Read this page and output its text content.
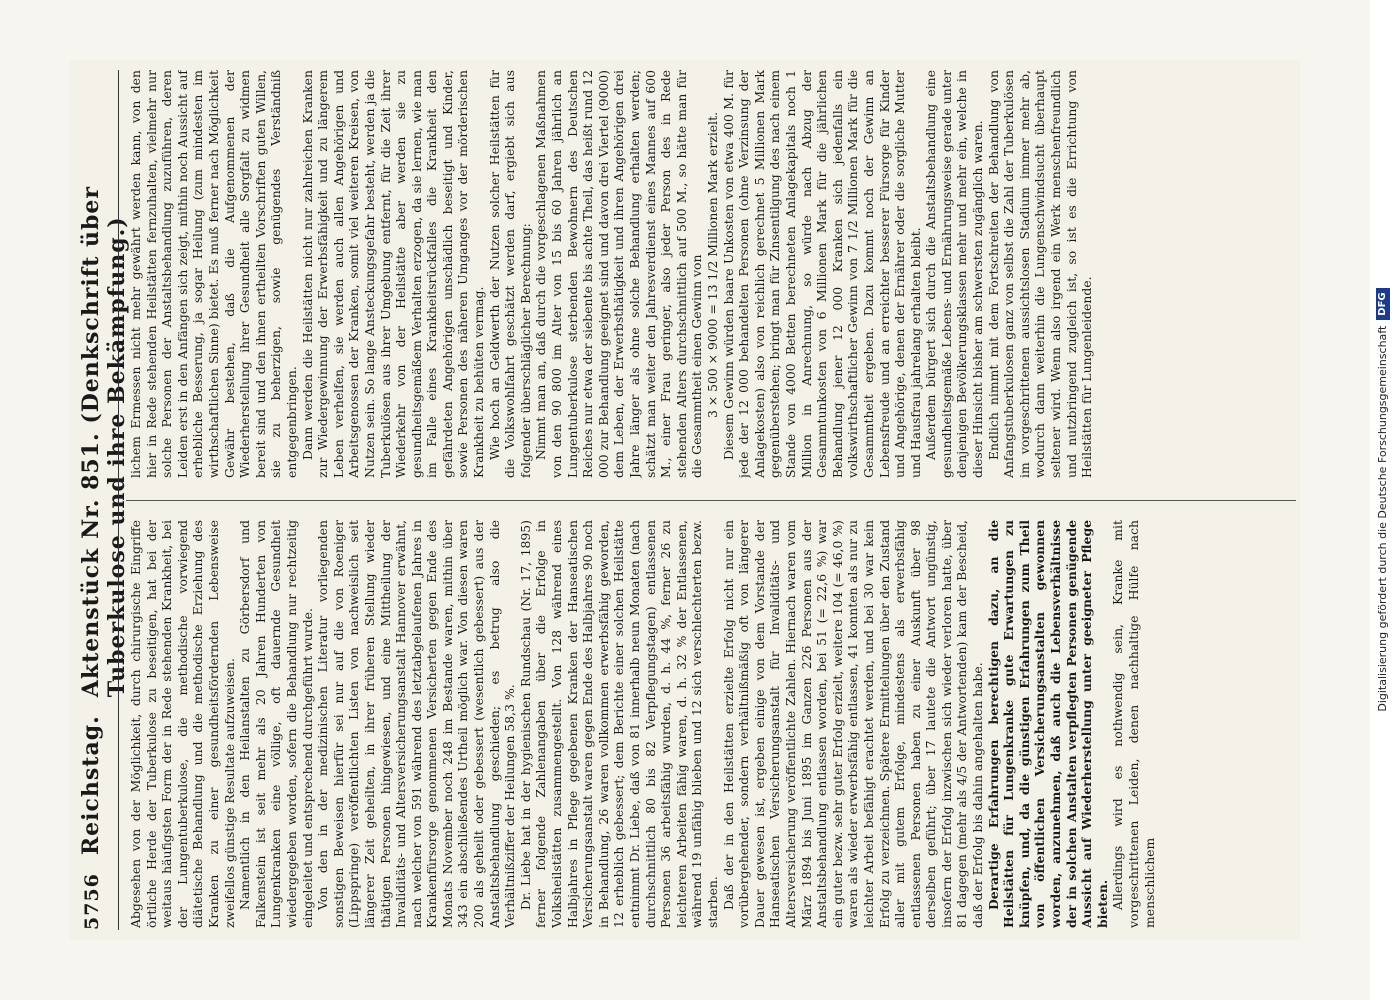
5756
Reichstag.
Aktenstück Nr. 851. (Denkschrift über Tuberkulose und ihre Bekämpfung.)

Abgesehen von der Möglichkeit, durch chirurgische Eingriffe örtliche Herde der Tuberkulose zu beseitigen, hat bei der weitaus häufigsten Form der in Rede stehenden Krankheit, bei der Lungentuberkulose, die methodische vorwiegend diätetische Behandlung und die methodische Erziehung des Kranken zu einer gesundheitsfördernden Lebensweise zweifellos günstige Resultate aufzuweisen. Namentlich in den Heilanstalten zu Görbersdorf und Falkenstein ist seit mehr als 20 Jahren Hunderten von Lungenkranken eine völlige, oft dauernde Gesundheit wiedergegeben worden, sofern die Behandlung nur rechtzeitig eingeleitet und entsprechend durchgeführt wurde. Von den in der medizinischen Literatur vorliegenden sonstigen Beweisen hierfür sei nur auf die von Roeniger (Lippspringe) veröffentlichten Listen von nachweislich seit längerer Zeit geheilten, in ihrer früheren Stellung wieder thätigen Personen hingewiesen, und eine Mittheilung der Invaliditäts- und Altersversicherungsanstalt Hannover erwähnt, nach welcher von 591 während des letztabgelaufenen Jahres in Krankenfürsorge genommenen Versicherten gegen Ende des Monats November noch 248 im Bestande waren, mithin über 343 ein abschließendes Urtheil möglich war. Von diesen waren 200 als geheilt oder gebessert (wesentlich gebessert) aus der Anstaltsbehandlung geschieden; es betrug also die Verhältnißziffer der Heilungen 58,3 %. Dr. Liebe hat in der hygienischen Rundschau (Nr. 17, 1895) ferner folgende Zahlenangaben über die Erfolge in Volksheilstätten zusammengestellt. Von 128 während eines Halbjahres in Pflege gegebenen Kranken der Hanseatischen Versicherungsanstalt waren gegen Ende des Halbjahres 90 noch in Behandlung, 26 waren vollkommen erwerbsfähig geworden, 12 erheblich gebessert; dem Berichte einer solchen Heilstätte entnimmt Dr. Liebe, daß von 81 innerhalb neun Monaten (nach durchschnittlich 80 bis 82 Verpflegungstagen) entlassenen Personen 36 arbeitsfähig wurden, d. h. 44 %, ferner 26 zu leichteren Arbeiten fähig waren, d. h. 32 % der Entlassenen, während 19 unfähig blieben und 12 sich verschlechterten bezw. starben. Daß der in den Heilstätten erzielte Erfolg nicht nur ein vorübergehender, sondern verhältnißmäßig oft von längerer Dauer gewesen ist, ergeben einige von dem Vorstande der Hanseatischen Versicherungsanstalt für Invaliditäts- und Altersversicherung veröffentlichte Zahlen. Hiernach waren vom März 1894 bis Juni 1895 im Ganzen 226 Personen aus der Anstaltsbehandlung entlassen worden, bei 51 (= 22,6 %) war ein guter bezw. sehr guter Erfolg erzielt, weitere 104 (= 46,0 %) waren als wieder erwerbsfähig entlassen, 41 konnten als nur zu leichter Arbeit befähigt erachtet werden, und bei 30 war kein Erfolg zu verzeichnen. Spätere Ermittelungen über den Zustand aller mit gutem Erfolge, mindestens als erwerbsfähig entlassenen Personen haben zu einer Auskunft über 98 derselben geführt; über 17 lautete die Antwort ungünstig, insofern der Erfolg inzwischen sich wieder verloren hatte, über 81 dagegen (mehr als 4/5 der Antwortenden) kam der Bescheid, daß der Erfolg bis dahin angehalten habe. Derartige Erfahrungen berechtigen dazu, an die Heilstätten für Lungenkranke gute Erwartungen zu knüpfen, und, da die günstigen Erfahrungen zum Theil von öffentlichen Versicherungsanstalten gewonnen worden, anzunehmen, daß auch die Lebensverhältnisse der in solchen Anstalten verpflegten Personen genügende Aussicht auf Wiederherstellung unter geeigneter Pflege bieten. Allerdings wird es nothwendig sein, Kranke mit vorgeschrittenen Leiden, denen nachhaltige Hülfe nach menschlichem

lichem Ermessen nicht mehr gewährt werden kann, von den hier in Rede stehenden Heilstätten fernzuhalten, vielmehr nur solche Personen der Anstaltsbehandlung zuzuführen, deren Leiden erst in den Anfängen sich zeigt, mithin noch Aussicht auf erhebliche Besserung, ja sogar Heilung (zum mindesten im wirthschaftlichen Sinne) bietet. Es muß ferner nach Möglichkeit Gewähr bestehen, daß die Aufgenommenen der Wiederherstellung ihrer Gesundheit alle Sorgfalt zu widmen bereit sind und den ihnen ertheilten Vorschriften guten Willen, sie zu beherzigen, sowie genügendes Verständniß entgegenbringen. Dann werden die Heilstätten nicht nur zahlreichen Kranken zur Wiedergewinnung der Erwerbsfähigkeit und zu längerem Leben verhelfen, sie werden auch allen Angehörigen und Arbeitsgenossen der Kranken, somit viel weiteren Kreisen, von Nutzen sein. So lange Ansteckungsgefahr besteht, werden ja die Tuberkulösen aus ihrer Umgebung entfernt, für die Zeit ihrer Wiederkehr von der Heilstätte aber werden sie zu gesundheitsgemäßem Verhalten erzogen, da sie lernen, wie man im Falle eines Krankheitsrückfalles die Krankheit den gefährdeten Angehörigen unschädlich beseitigt und Kinder, sowie Personen des näheren Umganges vor der mörderischen Krankheit zu behüten vermag. Wie hoch an Geldwerth der Nutzen solcher Heilstätten für die Volkswohlfahrt geschätzt werden darf, ergiebt sich aus folgender überschläglicher Berechnung: Nimmt man an, daß durch die vorgeschlagenen Maßnahmen von den 90 800 im Alter von 15 bis 60 Jahren jährlich an Lungentuberkulose sterbenden Bewohnern des Deutschen Reiches nur etwa der siebente bis achte Theil, das heißt rund 12 000 zur Behandlung geeignet sind und davon drei Viertel (9000) dem Leben, der Erwerbsthätigkeit und ihren Angehörigen drei Jahre länger als ohne solche Behandlung erhalten werden; schätzt man weiter den Jahresverdienst eines Mannes auf 600 M., einer Frau geringer, also jeder Person des in Rede stehenden Alters durchschnittlich auf 500 M., so hätte man für die Gesammtheit einen Gewinn von 3 × 500 × 9000 = 13 1/2 Millionen Mark erzielt. Diesem Gewinn würden baare Unkosten von etwa 400 M. für jede der 12 000 behandelten Personen (ohne Verzinsung der Anlagekosten) also von reichlich gerechnet 5 Millionen Mark gegenüberstehen; bringt man für Zinsentilgung des nach einem Stande von 4000 Betten berechneten Anlagekapitals noch 1 Million in Anrechnung, so würde nach Abzug der Gesammtunkosten von 6 Millionen Mark für die jährlichen Behandlung jener 12 000 Kranken sich jedenfalls ein volkswirthschaftlicher Gewinn von 7 1/2 Millionen Mark für die Gesammtheit ergeben. Dazu kommt noch der Gewinn an Lebensfreude und an erreichter besserer Fürsorge für Kinder und Angehörige, denen der Ernährer oder die sorgliche Mutter und Hausfrau jahrelang erhalten bleibt. Außerdem bürgert sich durch die Anstaltsbehandlung eine gesundheitsgemäße Lebens- und Ernährungsweise gerade unter denjenigen Bevölkerungsklassen mehr und mehr ein, welche in dieser Hinsicht bisher am schwersten zugänglich waren. Endlich nimmt mit dem Fortschreiten der Behandlung von Anfangstuberkulosen ganz von selbst die Zahl der Tuberkulösen im vorgeschrittenen aussichtslosen Stadium immer mehr ab, wodurch dann weiterhin die Lungenschwindsucht überhaupt seltener wird. Wenn also irgend ein Werk menschenfreundlich und nutzbringend zugleich ist, so ist es die Errichtung von Heilstätten für Lungenleidende.	Digitalisierung gefördert durch die Deutsche ForschungsgemeinschaftDFG
